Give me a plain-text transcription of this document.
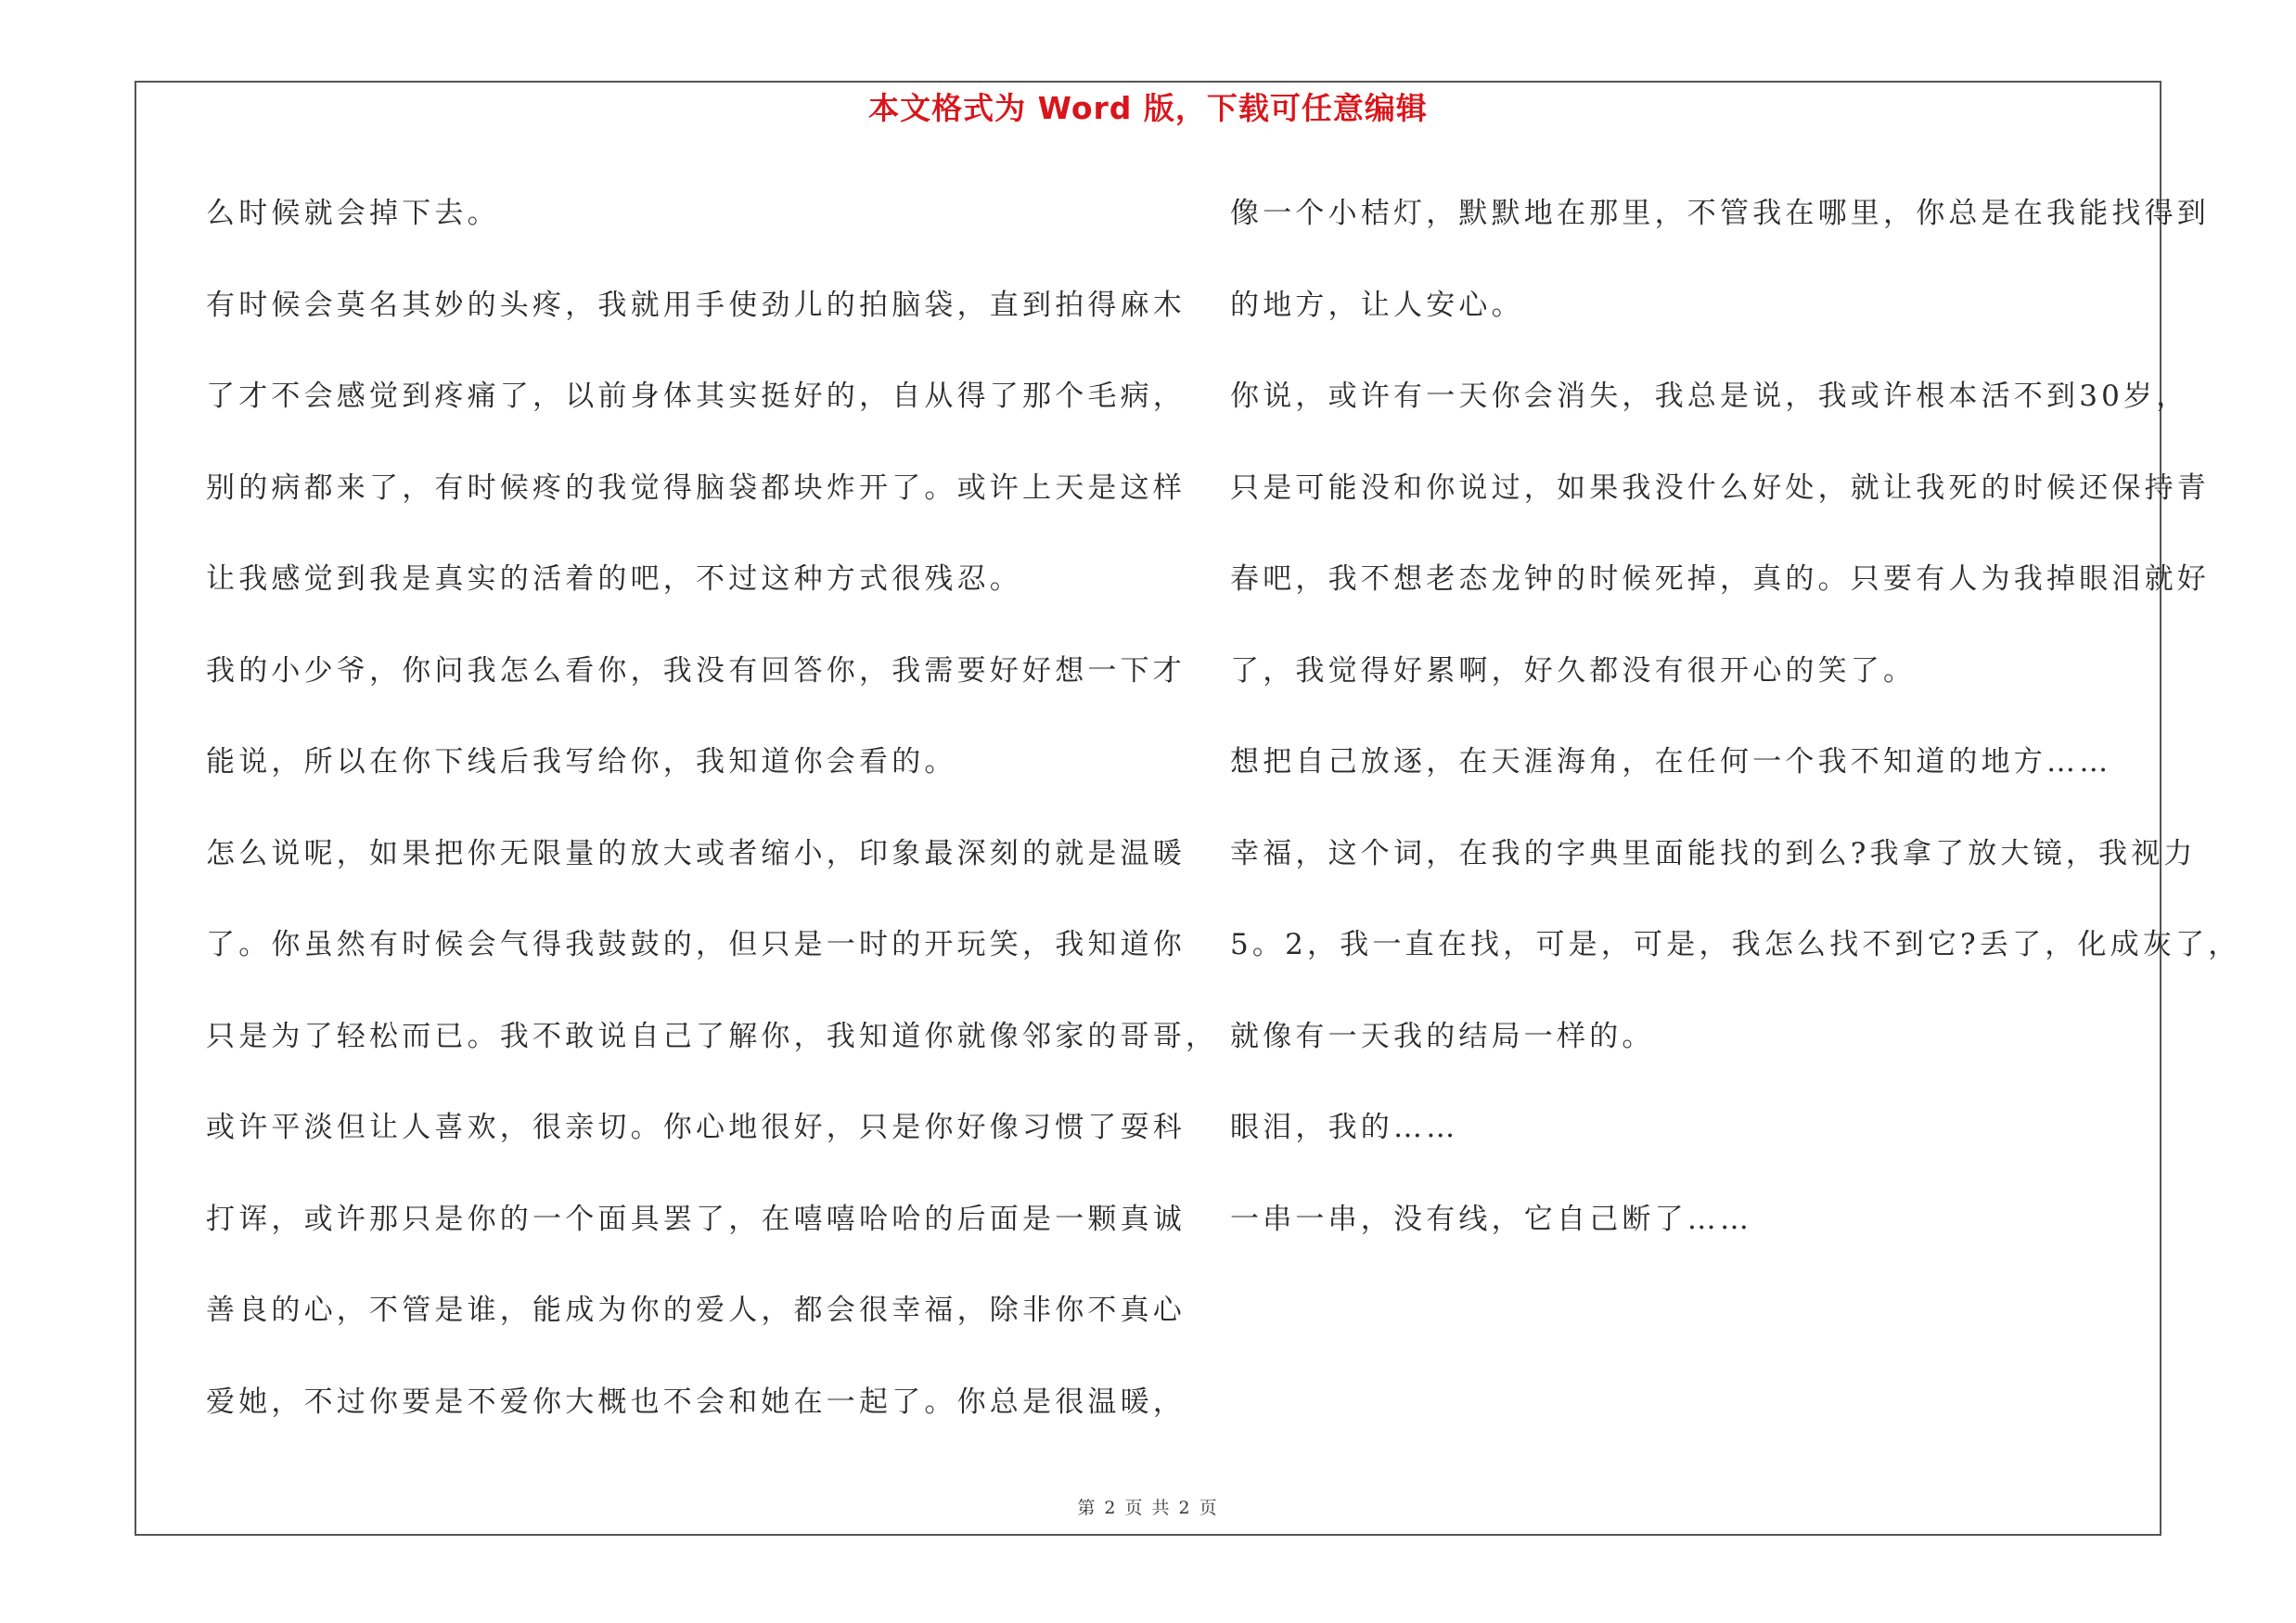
本文格式为 Word 版，下载可任意编辑
么时候就会掉下去。
有时候会莫名其妙的头疼，我就用手使劲儿的拍脑袋，直到拍得麻木
了才不会感觉到疼痛了，以前身体其实挺好的，自从得了那个毛病，
别的病都来了，有时候疼的我觉得脑袋都块炸开了。或许上天是这样
让我感觉到我是真实的活着的吧，不过这种方式很残忍。
我的小少爷，你问我怎么看你，我没有回答你，我需要好好想一下才
能说，所以在你下线后我写给你，我知道你会看的。
怎么说呢，如果把你无限量的放大或者缩小，印象最深刻的就是温暖
了。你虽然有时候会气得我鼓鼓的，但只是一时的开玩笑，我知道你
只是为了轻松而已。我不敢说自己了解你，我知道你就像邻家的哥哥，
或许平淡但让人喜欢，很亲切。你心地很好，只是你好像习惯了耍科
打诨，或许那只是你的一个面具罢了，在嘻嘻哈哈的后面是一颗真诚
善良的心，不管是谁，能成为你的爱人，都会很幸福，除非你不真心
爱她，不过你要是不爱你大概也不会和她在一起了。你总是很温暖，
像一个小桔灯，默默地在那里，不管我在哪里，你总是在我能找得到
的地方，让人安心。
你说，或许有一天你会消失，我总是说，我或许根本活不到30岁，
只是可能没和你说过，如果我没什么好处，就让我死的时候还保持青
春吧，我不想老态龙钟的时候死掉，真的。只要有人为我掉眼泪就好
了，我觉得好累啊，好久都没有很开心的笑了。
想把自己放逐，在天涯海角，在任何一个我不知道的地方……
幸福，这个词，在我的字典里面能找的到么?我拿了放大镜，我视力
5。2，我一直在找，可是，可是，我怎么找不到它?丢了，化成灰了，
就像有一天我的结局一样的。
眼泪，我的……
一串一串，没有线，它自己断了……
第 2 页 共 2 页
